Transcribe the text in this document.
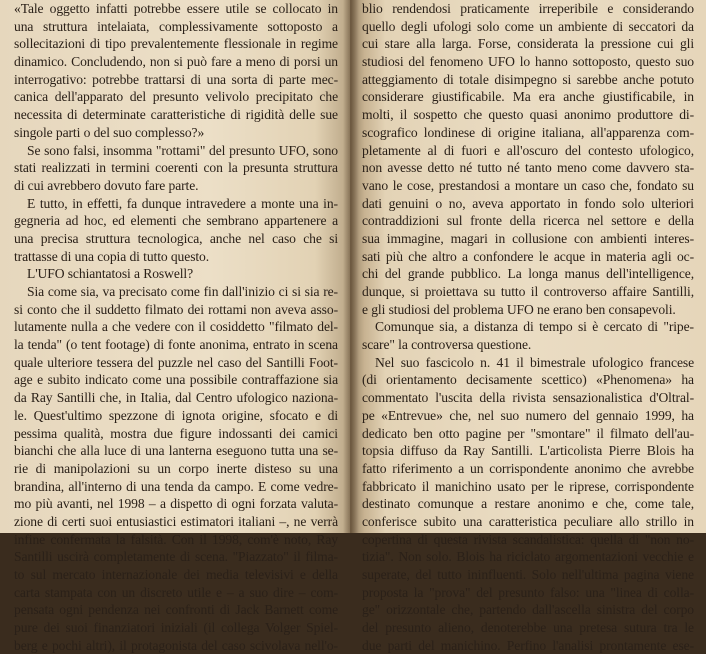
«Tale oggetto infatti potrebbe essere utile se collocato in
una struttura intelaiata, complessivamente sottoposto a
sollecitazioni di tipo prevalentemente flessionale in regime
dinamico. Concludendo, non si può fare a meno di porsi un
interrogativo: potrebbe trattarsi di una sorta di parte mec-
canica dell'apparato del presunto velivolo precipitato che
necessita di determinate caratteristiche di rigidità delle sue
singole parti o del suo complesso?»
Se sono falsi, insomma "rottami" del presunto UFO, sono
stati realizzati in termini coerenti con la presunta struttura
di cui avrebbero dovuto fare parte.
E tutto, in effetti, fa dunque intravedere a monte una in-
gegneria ad hoc, ed elementi che sembrano appartenere a
una precisa struttura tecnologica, anche nel caso che si
trattasse di una copia di tutto questo.
L'UFO schiantatosi a Roswell?
Sia come sia, va precisato come fin dall'inizio ci si sia re-
si conto che il suddetto filmato dei rottami non aveva asso-
lutamente nulla a che vedere con il cosiddetto "filmato del-
la tenda" (o tent footage) di fonte anonima, entrato in scena
quale ulteriore tessera del puzzle nel caso del Santilli Foot-
age e subito indicato come una possibile contraffazione sia
da Ray Santilli che, in Italia, dal Centro ufologico naziona-
le. Quest'ultimo spezzone di ignota origine, sfocato e di
pessima qualità, mostra due figure indossanti dei camici
bianchi che alla luce di una lanterna eseguono tutta una se-
rie di manipolazioni su un corpo inerte disteso su una
brandina, all'interno di una tenda da campo. E come vedre-
mo più avanti, nel 1998 – a dispetto di ogni forzata valuta-
zione di certi suoi entusiastici estimatori italiani –, ne verrà
infine confermata la falsità. Con il 1998, com'è noto, Ray
Santilli uscirà completamente di scena. "Piazzato" il filma-
to sul mercato internazionale dei media televisivi e della
carta stampata con un discreto utile e – a suo dire – com-
pensata ogni pendenza nei confronti di Jack Barnett come
pure dei suoi finanziatori iniziali (il collega Volger Spiel-
berg e pochi altri), il protagonista del caso scivolava nell'o-
blio rendendosi praticamente irreperibile e considerando
quello degli ufologi solo come un ambiente di seccatori da
cui stare alla larga. Forse, considerata la pressione cui gli
studiosi del fenomeno UFO lo hanno sottoposto, questo suo
atteggiamento di totale disimpegno si sarebbe anche potuto
considerare giustificabile. Ma era anche giustificabile, in
molti, il sospetto che questo quasi anonimo produttore di-
scografico londinese di origine italiana, all'apparenza com-
pletamente al di fuori e all'oscuro del contesto ufologico,
non avesse detto né tutto né tanto meno come davvero sta-
vano le cose, prestandosi a montare un caso che, fondato su
dati genuini o no, aveva apportato in fondo solo ulteriori
contraddizioni sul fronte della ricerca nel settore e della
sua immagine, magari in collusione con ambienti interes-
sati più che altro a confondere le acque in materia agli oc-
chi del grande pubblico. La longa manus dell'intelligence,
dunque, si proiettava su tutto il controverso affaire Santilli,
e gli studiosi del problema UFO ne erano ben consapevoli.
Comunque sia, a distanza di tempo si è cercato di "ripe-
scare" la controversa questione.
Nel suo fascicolo n. 41 il bimestrale ufologico francese
(di orientamento decisamente scettico) «Phenomena» ha
commentato l'uscita della rivista sensazionalistica d'Oltral-
pe «Entrevue» che, nel suo numero del gennaio 1999, ha
dedicato ben otto pagine per "smontare" il filmato dell'au-
topsia diffuso da Ray Santilli. L'articolista Pierre Blois ha
fatto riferimento a un corrispondente anonimo che avrebbe
fabbricato il manichino usato per le riprese, corrispondente
destinato comunque a restare anonimo e che, come tale,
conferisce subito una caratteristica peculiare allo strillo in
copertina di questa rivista scandalistica: quella di "non no-
tizia". Non solo. Blois ha riciclato argomentazioni vecchie e
superate, del tutto ininfluenti. Solo nell'ultima pagina viene
proposta la "prova" del presunto falso: una "linea di colla-
ge" orizzontale che, partendo dall'ascella sinistra del corpo
del presunto alieno, denoterebbe una pretesa sutura tra le
due parti del manichino. Perfino l'analisi prontamente ese-
